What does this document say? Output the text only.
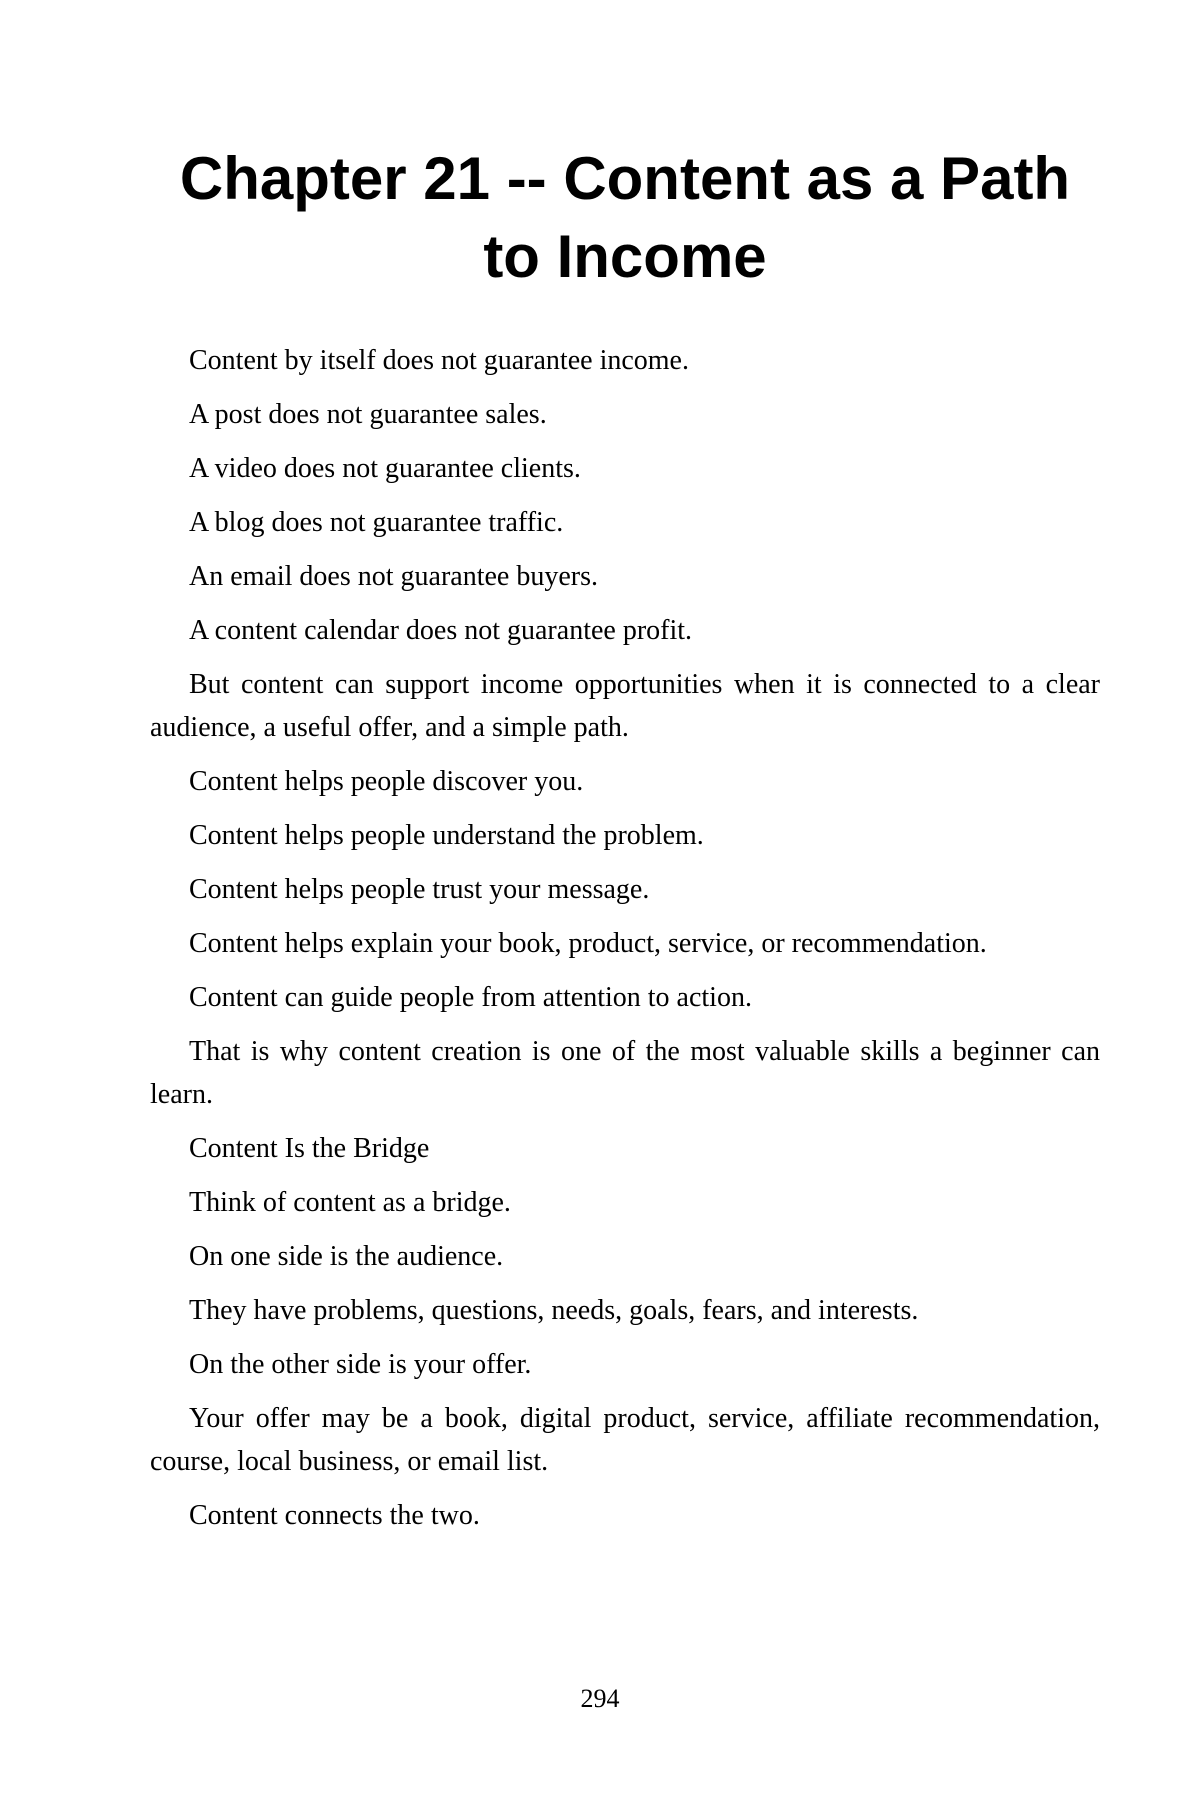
Chapter 21 -- Content as a Path to Income

Content by itself does not guarantee income.

A post does not guarantee sales.

A video does not guarantee clients.

A blog does not guarantee traffic.

An email does not guarantee buyers.

A content calendar does not guarantee profit.

But content can support income opportunities when it is connected to a clear audience, a useful offer, and a simple path.

Content helps people discover you.

Content helps people understand the problem.

Content helps people trust your message.

Content helps explain your book, product, service, or recommendation.

Content can guide people from attention to action.

That is why content creation is one of the most valuable skills a beginner can learn.

Content Is the Bridge

Think of content as a bridge.

On one side is the audience.

They have problems, questions, needs, goals, fears, and interests.

On the other side is your offer.

Your offer may be a book, digital product, service, affiliate recommendation, course, local business, or email list.

Content connects the two.

294
